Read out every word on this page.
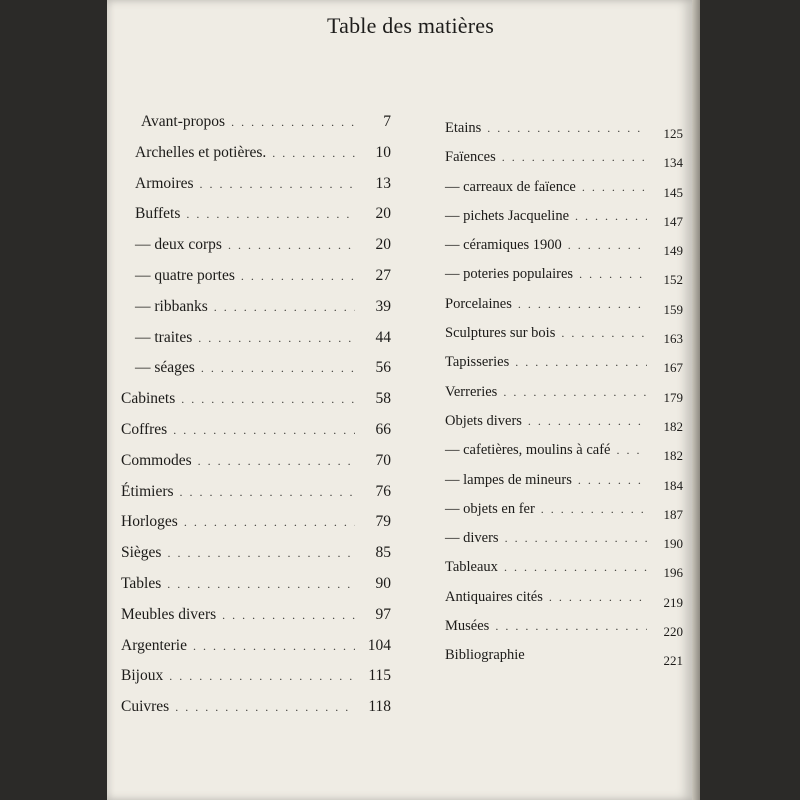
Table des matières
Avant-propos . . .	7
Archelles et potières. . . .	10
Armoires . . .	13
Buffets . . .	20
— deux corps . . .	20
— quatre portes . . .	27
— ribbanks . . .	39
— traites . . .	44
— séages . . .	56
Cabinets . . .	58
Coffres . . .	66
Commodes . . .	70
Étimiers . . .	76
Horloges . . .	79
Sièges . . .	85
Tables . . .	90
Meubles divers . . .	97
Argenterie . . .	104
Bijoux . . .	115
Cuivres . . .	118
Etains . . .	125
Faïences . . .	134
— carreaux de faïence . . .	145
— pichets Jacqueline . . .	147
— céramiques 1900 . . .	149
— poteries populaires . . .	152
Porcelaines . . .	159
Sculptures sur bois . . .	163
Tapisseries . . .	167
Verreries . . .	179
Objets divers . . .	182
— cafetières, moulins à café . . .	182
— lampes de mineurs . . .	184
— objets en fer . . .	187
— divers . . .	190
Tableaux . . .	196
Antiquaires cités . . .	219
Musées . . .	220
Bibliographie	221
